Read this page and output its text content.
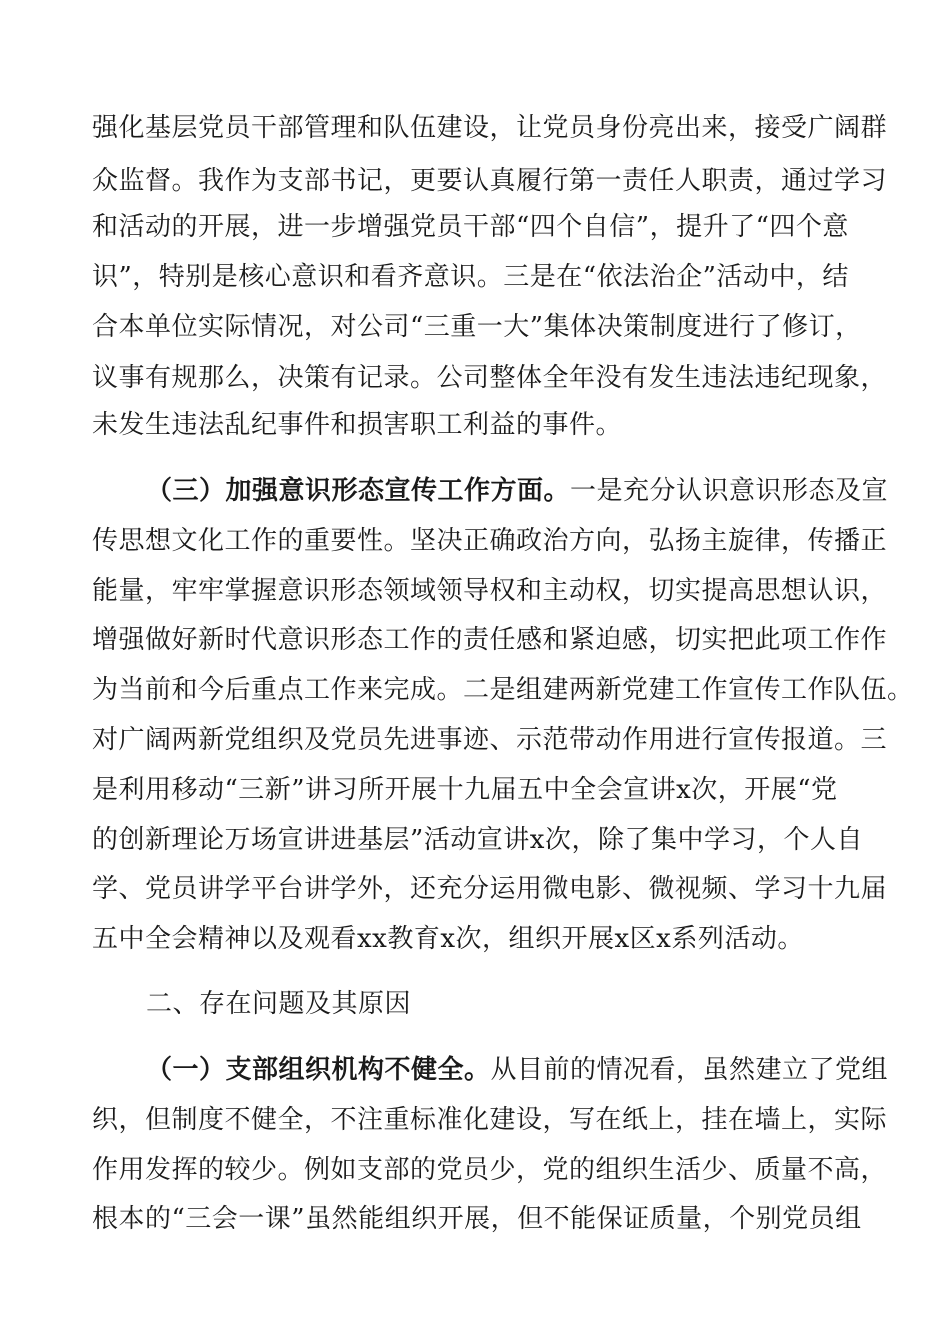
强化基层党员干部管理和队伍建设，让党员身份亮出来，接受广阔群
众监督。我作为支部书记，更要认真履行第一责任人职责，通过学习
和活动的开展，进一步增强党员干部“四个自信”，提升了“四个意
识”，特别是核心意识和看齐意识。三是在“依法治企”活动中，结
合本单位实际情况，对公司“三重一大”集体决策制度进行了修订，
议事有规那么，决策有记录。公司整体全年没有发生违法违纪现象，
未发生违法乱纪事件和损害职工利益的事件。
（三）加强意识形态宣传工作方面。一是充分认识意识形态及宣
传思想文化工作的重要性。坚决正确政治方向，弘扬主旋律，传播正
能量，牢牢掌握意识形态领域领导权和主动权，切实提高思想认识，
增强做好新时代意识形态工作的责任感和紧迫感，切实把此项工作作
为当前和今后重点工作来完成。二是组建两新党建工作宣传工作队伍。
对广阔两新党组织及党员先进事迹、示范带动作用进行宣传报道。三
是利用移动“三新”讲习所开展十九届五中全会宣讲x次，开展“党
的创新理论万场宣讲进基层”活动宣讲x次，除了集中学习，个人自
学、党员讲学平台讲学外，还充分运用微电影、微视频、学习十九届
五中全会精神以及观看xx教育x次，组织开展x区x系列活动。
二、存在问题及其原因
（一）支部组织机构不健全。从目前的情况看，虽然建立了党组
织，但制度不健全，不注重标准化建设，写在纸上，挂在墙上，实际
作用发挥的较少。例如支部的党员少，党的组织生活少、质量不高，
根本的“三会一课”虽然能组织开展，但不能保证质量，个别党员组
